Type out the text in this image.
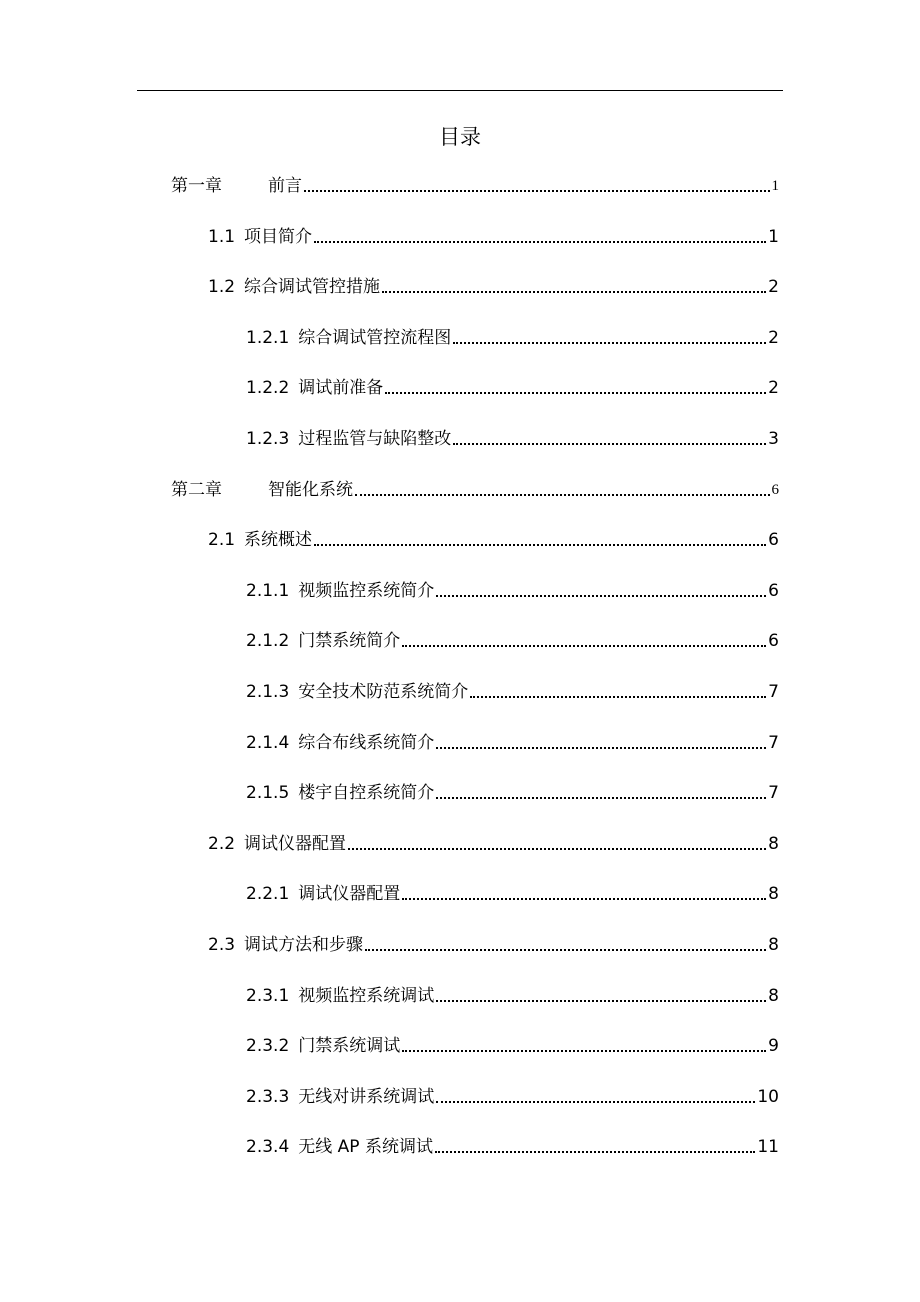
目录
第一章	前言	1
1.1 项目简介	1
1.2 综合调试管控措施	2
1.2.1 综合调试管控流程图	2
1.2.2 调试前准备	2
1.2.3 过程监管与缺陷整改	3
第二章	智能化系统	6
2.1 系统概述	6
2.1.1 视频监控系统简介	6
2.1.2 门禁系统简介	6
2.1.3 安全技术防范系统简介	7
2.1.4 综合布线系统简介	7
2.1.5 楼宇自控系统简介	7
2.2 调试仪器配置	8
2.2.1 调试仪器配置	8
2.3 调试方法和步骤	8
2.3.1 视频监控系统调试	8
2.3.2 门禁系统调试	9
2.3.3 无线对讲系统调试	10
2.3.4 无线 AP 系统调试	11
